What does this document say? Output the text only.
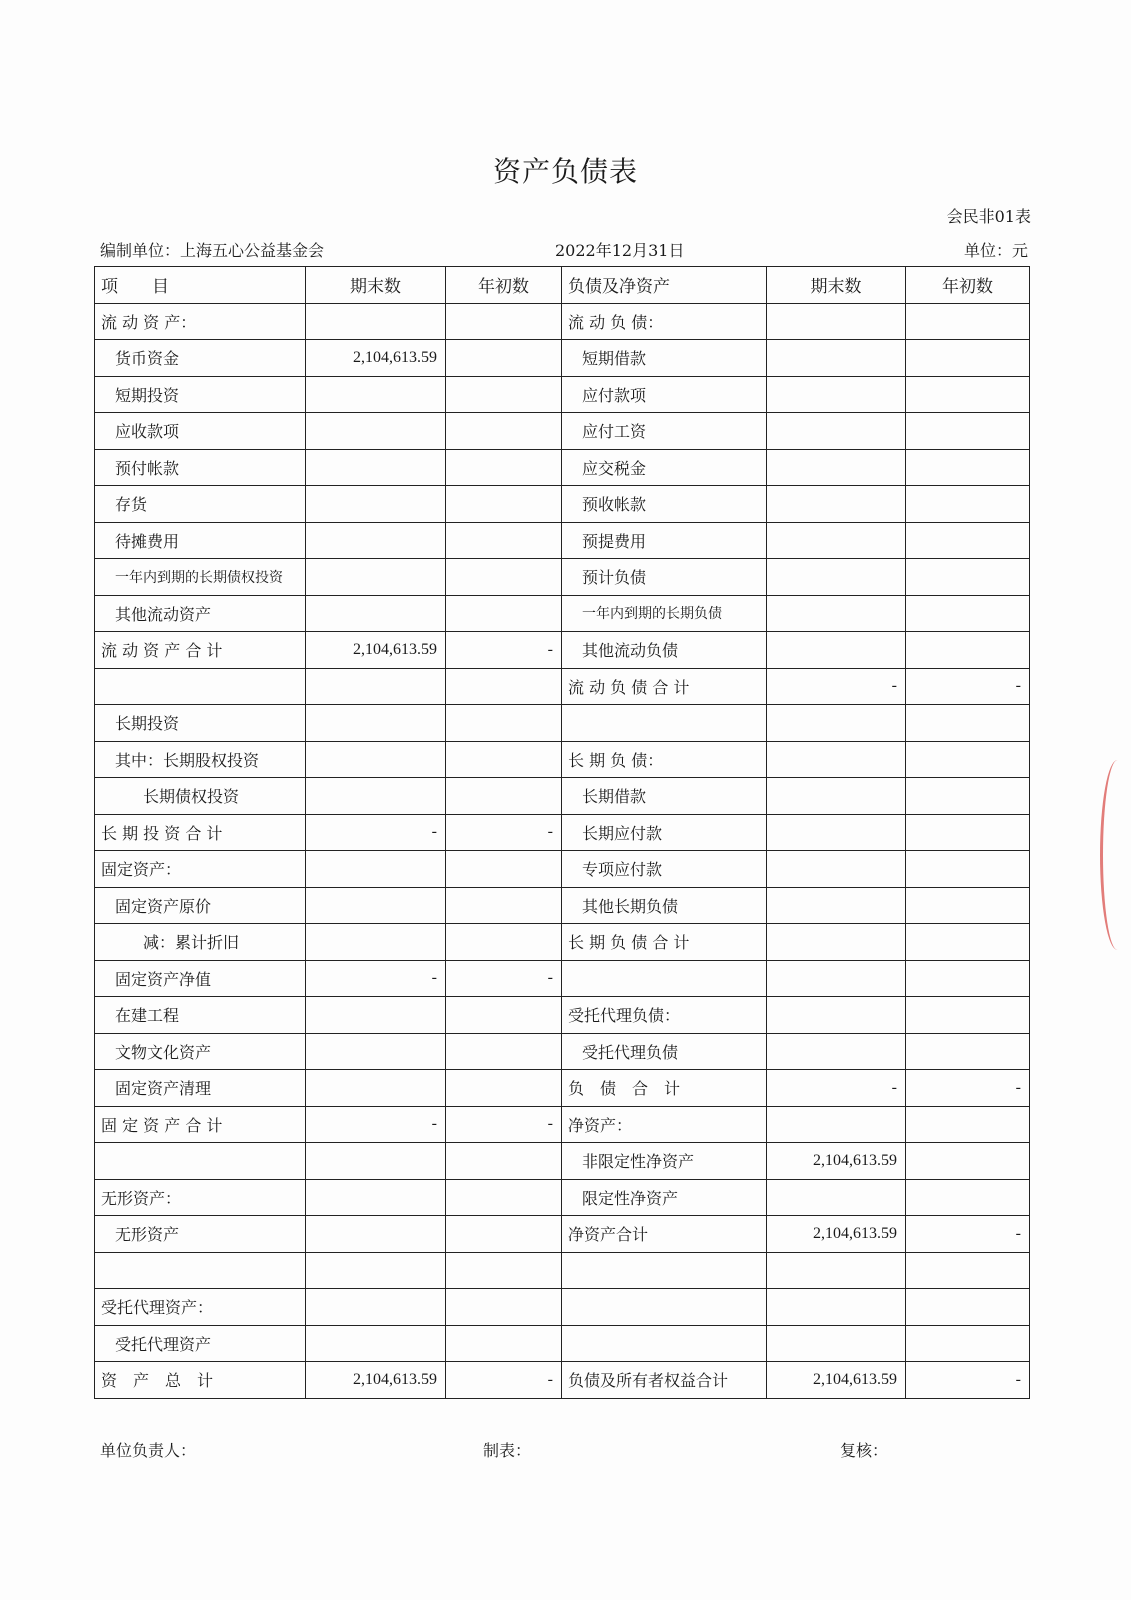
资产负债表
会民非01表
编制单位：上海五心公益基金会	2022年12月31日	单位：元
项　　目	期末数	年初数	负债及净资产	期末数	年初数
流 动 资 产：			流 动 负 债：		
货币资金	2,104,613.59		短期借款		
短期投资			应付款项		
应收款项			应付工资		
预付帐款			应交税金		
存货			预收帐款		
待摊费用			预提费用		
一年内到期的长期债权投资			预计负债		
其他流动资产			一年内到期的长期负债		
流 动 资 产 合 计	2,104,613.59	-	其他流动负债		
			流 动 负 债 合 计	-	-
长期投资					
其中：长期股权投资			长 期 负 债：		
长期债权投资			长期借款		
长 期 投 资 合 计	-	-	长期应付款		
固定资产：			专项应付款		
固定资产原价			其他长期负债		
减：累计折旧			长 期 负 债 合 计		
固定资产净值	-	-			
在建工程			受托代理负债：		
文物文化资产			受托代理负债		
固定资产清理			负　债　合　计	-	-
固 定 资 产 合 计	-	-	净资产：		
			非限定性净资产	2,104,613.59	
无形资产：			限定性净资产		
无形资产			净资产合计	2,104,613.59	-

受托代理资产：					
受托代理资产					
资　产　总　计	2,104,613.59	-	负债及所有者权益合计	2,104,613.59	-
单位负责人：	制表：	复核：
